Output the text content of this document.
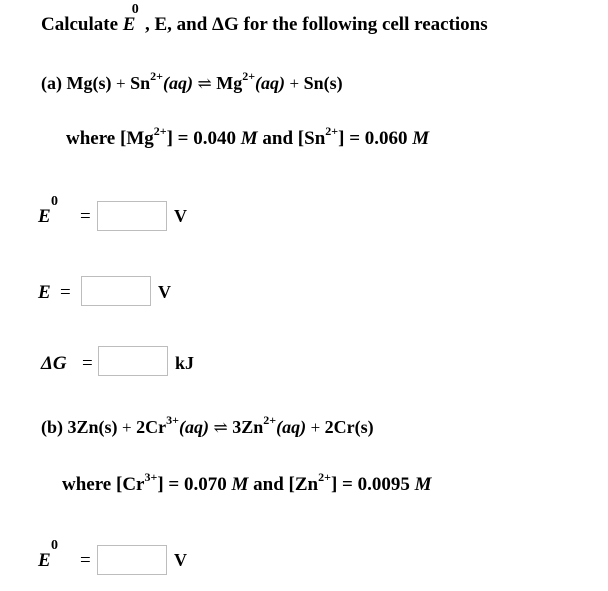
Calculate E
0
, E, and ΔG for the following cell reactions
(a) $Mg(s) + Sn^{2+}(aq)$ ⇌ $Mg^{2+}(aq) + Sn(s)$
where $[Mg^{2+}] = 0.040$ M and $[Sn^{2+}] = 0.060$ M
E
0
=	V
E =	V
ΔG =	kJ
(b) $3Zn(s) + 2Cr^{3+}(aq)$ ⇌ $3Zn^{2+}(aq) + 2Cr(s)$
where $[Cr^{3+}] = 0.070$ M and $[Zn^{2+}] = 0.0095$ M
E
0
=	V
